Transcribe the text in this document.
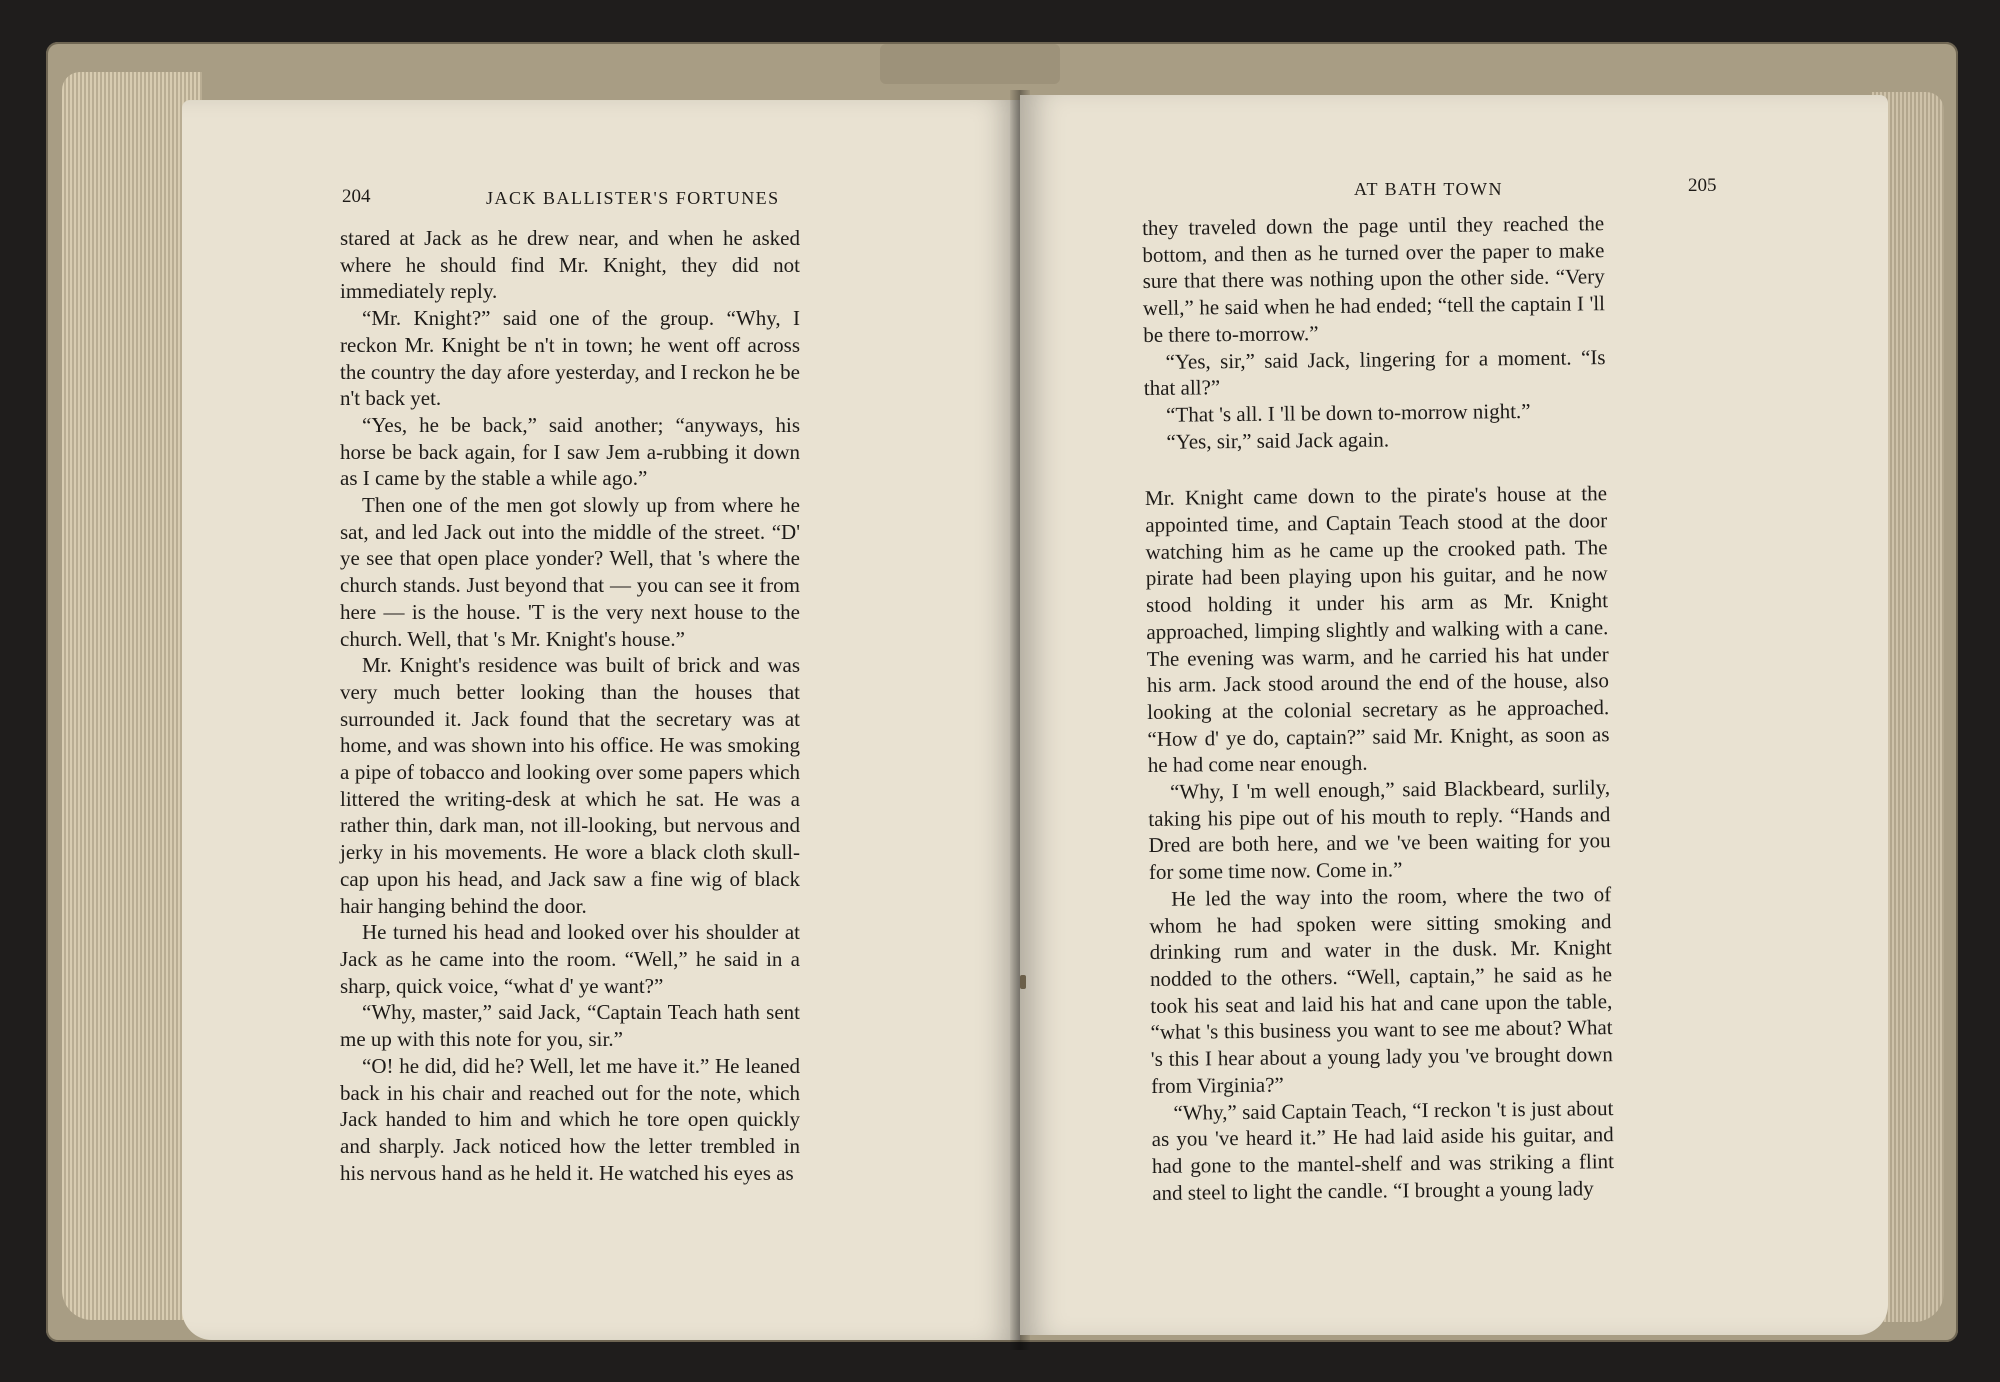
204	JACK BALLISTER'S FORTUNES

stared at Jack as he drew near, and when he asked where he should find Mr. Knight, they did not immediately reply.

“Mr. Knight?” said one of the group. “Why, I reckon Mr. Knight be n't in town; he went off across the country the day afore yesterday, and I reckon he be n't back yet.

“Yes, he be back,” said another; “anyways, his horse be back again, for I saw Jem a-rubbing it down as I came by the stable a while ago.”

Then one of the men got slowly up from where he sat, and led Jack out into the middle of the street. “D' ye see that open place yonder? Well, that 's where the church stands. Just beyond that — you can see it from here — is the house. 'T is the very next house to the church. Well, that 's Mr. Knight's house.”

Mr. Knight's residence was built of brick and was very much better looking than the houses that surrounded it. Jack found that the secretary was at home, and was shown into his office. He was smoking a pipe of tobacco and looking over some papers which littered the writing-desk at which he sat. He was a rather thin, dark man, not ill-looking, but nervous and jerky in his movements. He wore a black cloth skull-cap upon his head, and Jack saw a fine wig of black hair hanging behind the door.

He turned his head and looked over his shoulder at Jack as he came into the room. “Well,” he said in a sharp, quick voice, “what d' ye want?”

“Why, master,” said Jack, “Captain Teach hath sent me up with this note for you, sir.”

“O! he did, did he? Well, let me have it.” He leaned back in his chair and reached out for the note, which Jack handed to him and which he tore open quickly and sharply. Jack noticed how the letter trembled in his nervous hand as he held it. He watched his eyes as

AT BATH TOWN	205

they traveled down the page until they reached the bottom, and then as he turned over the paper to make sure that there was nothing upon the other side. “Very well,” he said when he had ended; “tell the captain I 'll be there to-morrow.”

“Yes, sir,” said Jack, lingering for a moment. “Is that all?”

“That 's all. I 'll be down to-morrow night.”

“Yes, sir,” said Jack again.

Mr. Knight came down to the pirate's house at the appointed time, and Captain Teach stood at the door watching him as he came up the crooked path. The pirate had been playing upon his guitar, and he now stood holding it under his arm as Mr. Knight approached, limping slightly and walking with a cane. The evening was warm, and he carried his hat under his arm. Jack stood around the end of the house, also looking at the colonial secretary as he approached. “How d' ye do, captain?” said Mr. Knight, as soon as he had come near enough.

“Why, I 'm well enough,” said Blackbeard, surlily, taking his pipe out of his mouth to reply. “Hands and Dred are both here, and we 've been waiting for you for some time now. Come in.”

He led the way into the room, where the two of whom he had spoken were sitting smoking and drinking rum and water in the dusk. Mr. Knight nodded to the others. “Well, captain,” he said as he took his seat and laid his hat and cane upon the table, “what 's this business you want to see me about? What 's this I hear about a young lady you 've brought down from Virginia?”

“Why,” said Captain Teach, “I reckon 't is just about as you 've heard it.” He had laid aside his guitar, and had gone to the mantel-shelf and was striking a flint and steel to light the candle. “I brought a young lady
